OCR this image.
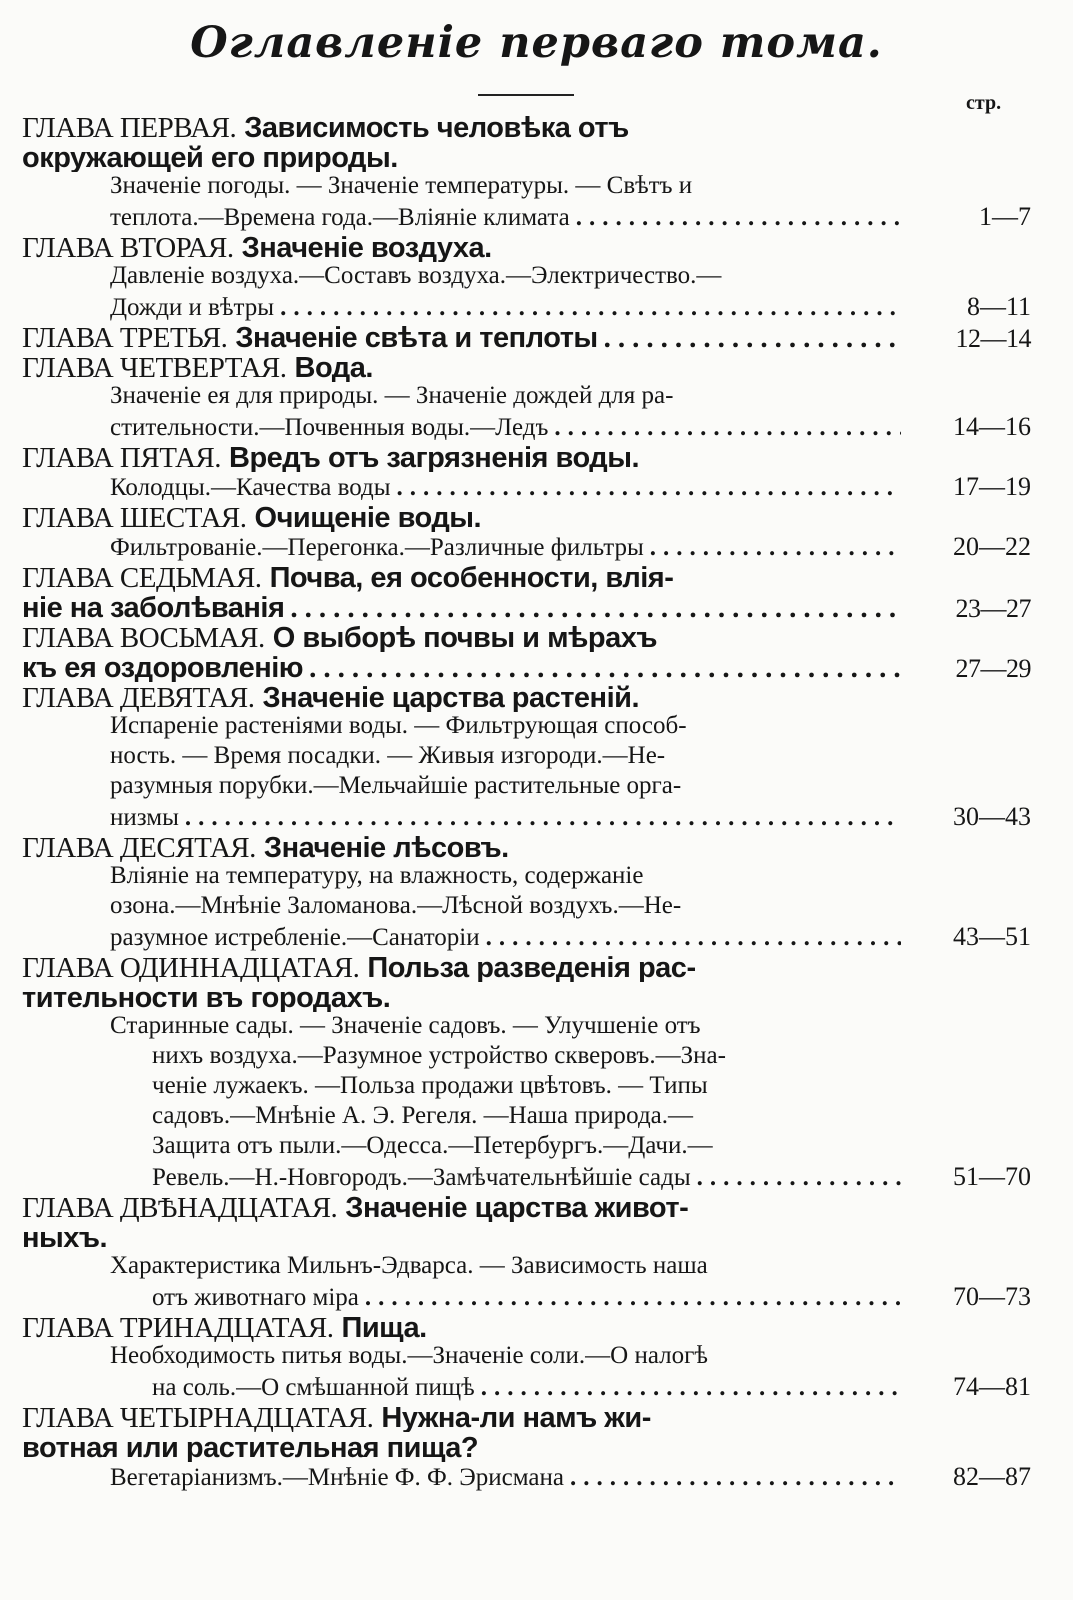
Оглавленіе перваго тома.
стр.
ГЛАВА ПЕРВАЯ. Зависимость человѣка отъ
окружающей его природы.
Значеніе погоды. — Значеніе температуры. — Свѣтъ и
теплота.—Времена года.—Вліяніе климата .....	1—7
ГЛАВА ВТОРАЯ. Значеніе воздуха.
Давленіе воздуха.—Составъ воздуха.—Электричество.—
Дожди и вѣтры .....	8—11
ГЛАВА ТРЕТЬЯ. Значеніе свѣта и теплоты .....	12—14
ГЛАВА ЧЕТВЕРТАЯ. Вода.
Значеніе ея для природы. — Значеніе дождей для ра-
стительности.—Почвенныя воды.—Ледъ .....	14—16
ГЛАВА ПЯТАЯ. Вредъ отъ загрязненія воды.
Колодцы.—Качества воды .....	17—19
ГЛАВА ШЕСТАЯ. Очищеніе воды.
Фильтрованіе.—Перегонка.—Различные фильтры .....	20—22
ГЛАВА СЕДЬМАЯ. Почва, ея особенности, влія-
ніе на заболѣванія .....	23—27
ГЛАВА ВОСЬМАЯ. О выборѣ почвы и мѣрахъ
къ ея оздоровленію .....	27—29
ГЛАВА ДЕВЯТАЯ. Значеніе царства растеній.
Испареніе растеніями воды. — Фильтрующая способ-
ность. — Время посадки. — Живыя изгороди.—Не-
разумныя порубки.—Мельчайшіе растительные орга-
низмы .....	30—43
ГЛАВА ДЕСЯТАЯ. Значеніе лѣсовъ.
Вліяніе на температуру, на влажность, содержаніе
озона.—Мнѣніе Заломанова.—Лѣсной воздухъ.—Не-
разумное истребленіе.—Санаторіи .....	43—51
ГЛАВА ОДИННАДЦАТАЯ. Польза разведенія рас-
тительности въ городахъ.
Старинные сады. — Значеніе садовъ. — Улучшеніе отъ
нихъ воздуха.—Разумное устройство скверовъ.—Зна-
ченіе лужаекъ. —Польза продажи цвѣтовъ. — Типы
садовъ.—Мнѣніе А. Э. Регеля. —Наша природа.—
Защита отъ пыли.—Одесса.—Петербургъ.—Дачи.—
Ревель.—Н.-Новгородъ.—Замѣчательнѣйшіе сады .....	51—70
ГЛАВА ДВѢНАДЦАТАЯ. Значеніе царства живот-
ныхъ.
Характеристика Мильнъ-Эдварса. — Зависимость наша
отъ животнаго міра .....	70—73
ГЛАВА ТРИНАДЦАТАЯ. Пища.
Необходимость питья воды.—Значеніе соли.—О налогѣ
на соль.—О смѣшанной пищѣ .....	74—81
ГЛАВА ЧЕТЫРНАДЦАТАЯ. Нужна-ли намъ жи-
вотная или растительная пища?
Вегетаріанизмъ.—Мнѣніе Ф. Ф. Эрисмана .....	82—87
